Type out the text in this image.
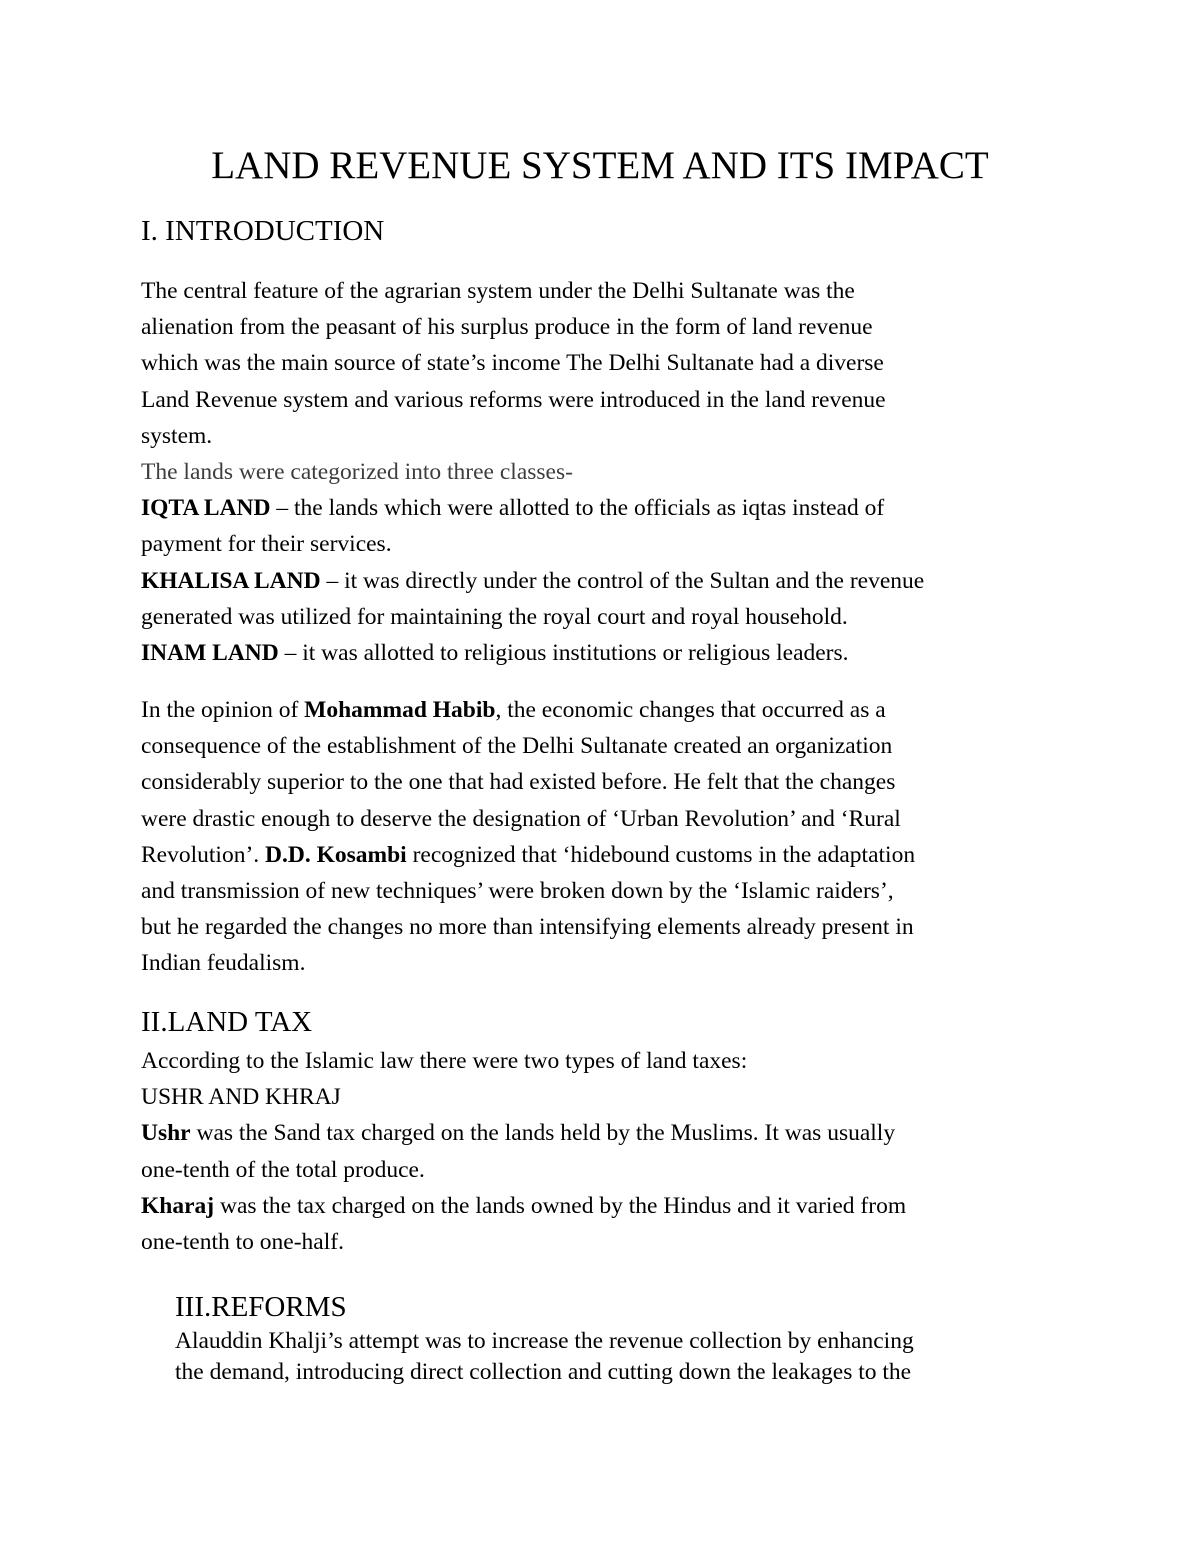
LAND REVENUE SYSTEM AND ITS IMPACT
I. INTRODUCTION
The central feature of the agrarian system under the Delhi Sultanate was the
alienation from the peasant of his surplus produce in the form of land revenue
which was the main source of state’s income The Delhi Sultanate had a diverse
Land Revenue system and various reforms were introduced in the land revenue
system.
The lands were categorized into three classes-
IQTA LAND – the lands which were allotted to the officials as iqtas instead of
payment for their services.
KHALISA LAND – it was directly under the control of the Sultan and the revenue
generated was utilized for maintaining the royal court and royal household.
INAM LAND – it was allotted to religious institutions or religious leaders.
In the opinion of Mohammad Habib, the economic changes that occurred as a
consequence of the establishment of the Delhi Sultanate created an organization
considerably superior to the one that had existed before. He felt that the changes
were drastic enough to deserve the designation of ‘Urban Revolution’ and ‘Rural
Revolution’. D.D. Kosambi recognized that ‘hidebound customs in the adaptation
and transmission of new techniques’ were broken down by the ‘Islamic raiders’,
but he regarded the changes no more than intensifying elements already present in
Indian feudalism.
II.LAND TAX
According to the Islamic law there were two types of land taxes:
USHR AND KHRAJ
Ushr was the Sand tax charged on the lands held by the Muslims. It was usually
one-tenth of the total produce.
Kharaj was the tax charged on the lands owned by the Hindus and it varied from
one-tenth to one-half.
III.REFORMS
Alauddin Khalji’s attempt was to increase the revenue collection by enhancing
the demand, introducing direct collection and cutting down the leakages to the
